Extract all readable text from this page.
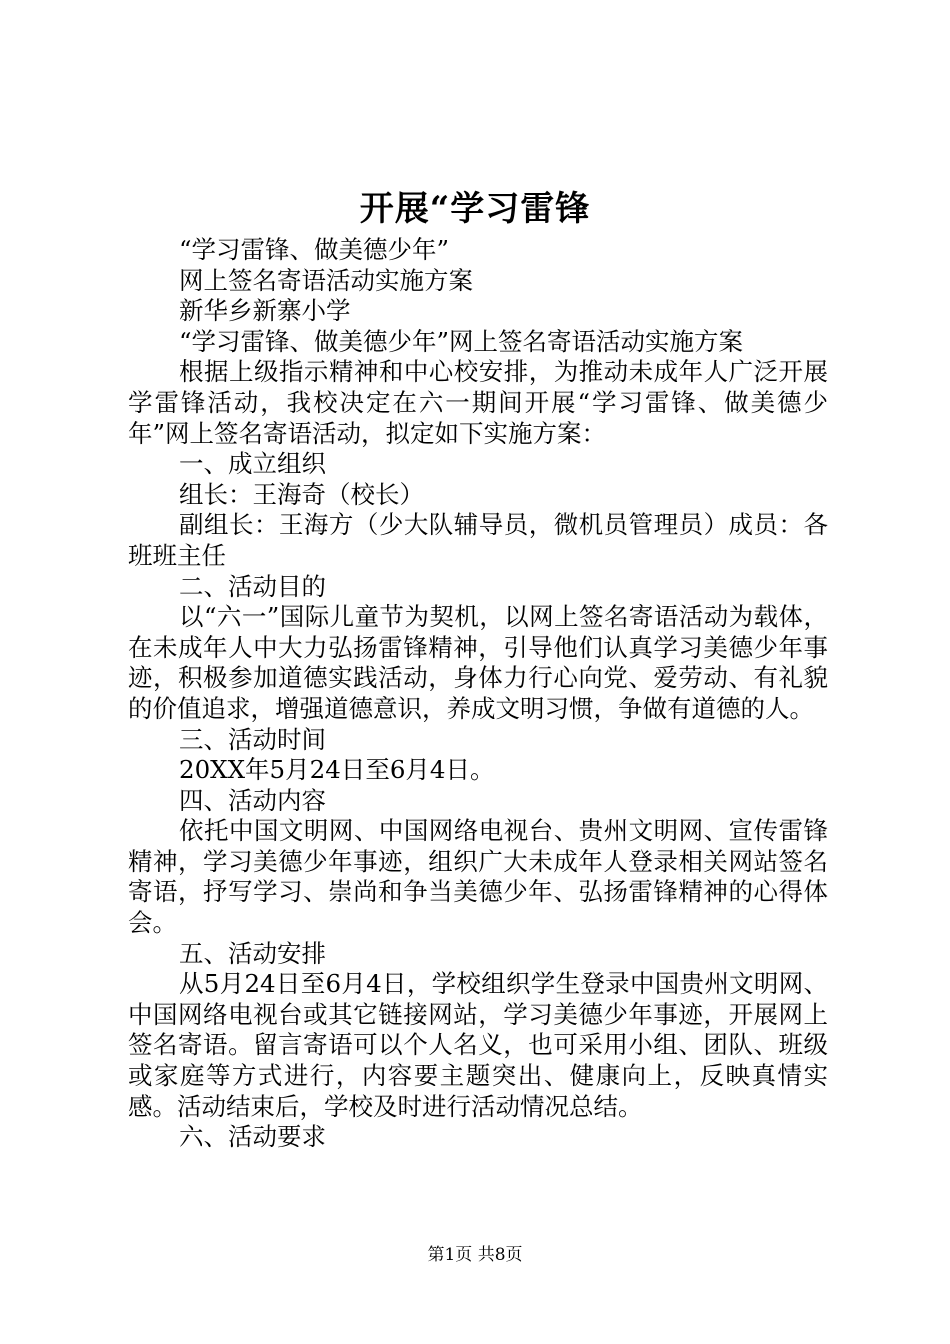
开展“学习雷锋

“学习雷锋、做美德少年”

网上签名寄语活动实施方案

新华乡新寨小学

“学习雷锋、做美德少年”网上签名寄语活动实施方案

根据上级指示精神和中心校安排，为推动未成年人广泛开展学雷锋活动，我校决定在六一期间开展“学习雷锋、做美德少年”网上签名寄语活动，拟定如下实施方案：

一、成立组织

组长：王海奇（校长）

副组长：王海方（少大队辅导员，微机员管理员）成员：各班班主任

二、活动目的

以“六一”国际儿童节为契机，以网上签名寄语活动为载体，在未成年人中大力弘扬雷锋精神，引导他们认真学习美德少年事迹，积极参加道德实践活动，身体力行心向党、爱劳动、有礼貌的价值追求，增强道德意识，养成文明习惯，争做有道德的人。

三、活动时间

20XX年5月24日至6月4日。

四、活动内容

依托中国文明网、中国网络电视台、贵州文明网、宣传雷锋精神，学习美德少年事迹，组织广大未成年人登录相关网站签名寄语，抒写学习、崇尚和争当美德少年、弘扬雷锋精神的心得体会。

五、活动安排

从5月24日至6月4日，学校组织学生登录中国贵州文明网、中国网络电视台或其它链接网站，学习美德少年事迹，开展网上签名寄语。留言寄语可以个人名义，也可采用小组、团队、班级或家庭等方式进行，内容要主题突出、健康向上，反映真情实感。活动结束后，学校及时进行活动情况总结。

六、活动要求

第1页 共8页
